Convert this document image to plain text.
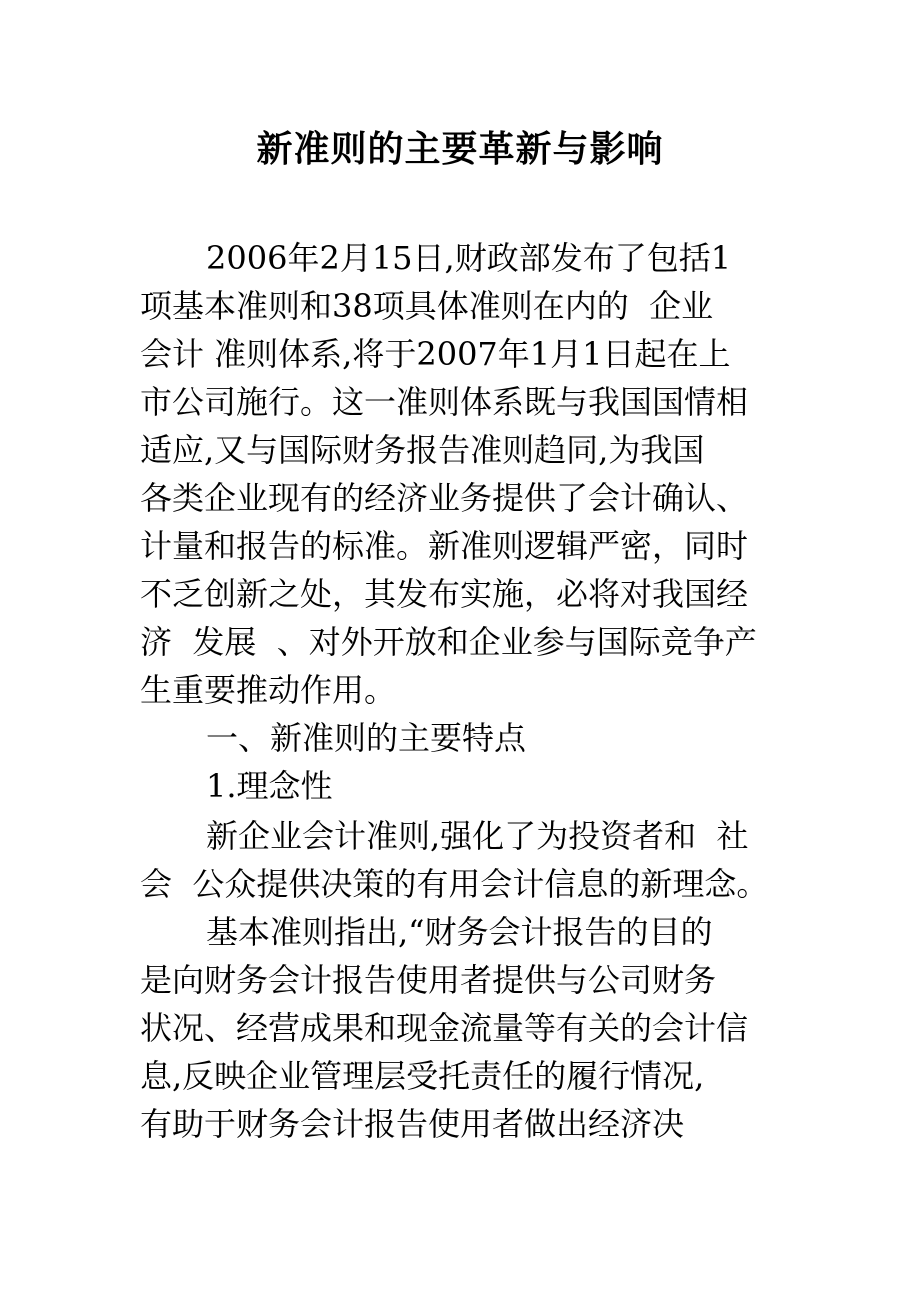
新准则的主要革新与影响
2006年2月15日,财政部发布了包括1
项基本准则和38项具体准则在内的  企业
会计 准则体系,将于2007年1月1日起在上
市公司施行。这一准则体系既与我国国情相
适应,又与国际财务报告准则趋同,为我国
各类企业现有的经济业务提供了会计确认、
计量和报告的标准。新准则逻辑严密，同时
不乏创新之处，其发布实施，必将对我国经
济  发展  、对外开放和企业参与国际竞争产
生重要推动作用。
一、新准则的主要特点
1.理念性
新企业会计准则,强化了为投资者和  社
会  公众提供决策的有用会计信息的新理念。
基本准则指出,“财务会计报告的目的
是向财务会计报告使用者提供与公司财务
状况、经营成果和现金流量等有关的会计信
息,反映企业管理层受托责任的履行情况,
有助于财务会计报告使用者做出经济决
